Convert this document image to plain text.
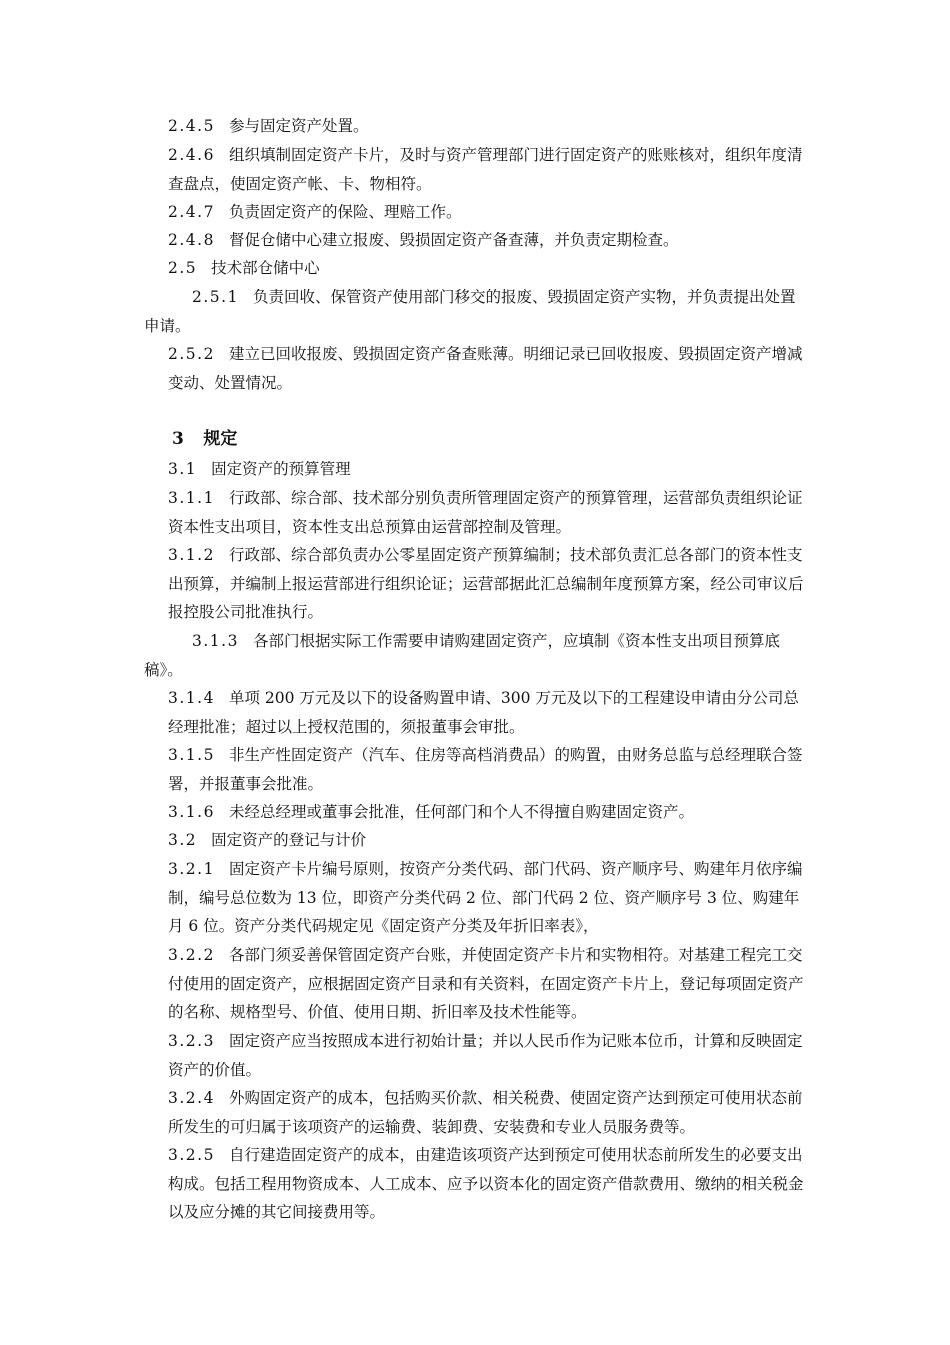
2.4.5 参与固定资产处置。
2.4.6 组织填制固定资产卡片，及时与资产管理部门进行固定资产的账账核对，组织年度清查盘点，使固定资产帐、卡、物相符。
2.4.7 负责固定资产的保险、理赔工作。
2.4.8 督促仓储中心建立报废、毁损固定资产备查薄，并负责定期检查。
2.5 技术部仓储中心
2.5.1 负责回收、保管资产使用部门移交的报废、毁损固定资产实物，并负责提出处置申请。
2.5.2 建立已回收报废、毁损固定资产备查账薄。明细记录已回收报废、毁损固定资产增减变动、处置情况。
3 规定
3.1 固定资产的预算管理
3.1.1 行政部、综合部、技术部分别负责所管理固定资产的预算管理，运营部负责组织论证资本性支出项目，资本性支出总预算由运营部控制及管理。
3.1.2 行政部、综合部负责办公零星固定资产预算编制；技术部负责汇总各部门的资本性支出预算，并编制上报运营部进行组织论证；运营部据此汇总编制年度预算方案，经公司审议后报控股公司批准执行。
3.1.3 各部门根据实际工作需要申请购建固定资产，应填制《资本性支出项目预算底稿》。
3.1.4 单项 200 万元及以下的设备购置申请、300 万元及以下的工程建设申请由分公司总经理批准；超过以上授权范围的，须报董事会审批。
3.1.5 非生产性固定资产（汽车、住房等高档消费品）的购置，由财务总监与总经理联合签署，并报董事会批准。
3.1.6 未经总经理或董事会批准，任何部门和个人不得擅自购建固定资产。
3.2 固定资产的登记与计价
3.2.1 固定资产卡片编号原则，按资产分类代码、部门代码、资产顺序号、购建年月依序编制，编号总位数为 13 位，即资产分类代码 2 位、部门代码 2 位、资产顺序号 3 位、购建年月 6 位。资产分类代码规定见《固定资产分类及年折旧率表》，
3.2.2 各部门须妥善保管固定资产台账，并使固定资产卡片和实物相符。对基建工程完工交付使用的固定资产，应根据固定资产目录和有关资料，在固定资产卡片上，登记每项固定资产的名称、规格型号、价值、使用日期、折旧率及技术性能等。
3.2.3 固定资产应当按照成本进行初始计量；并以人民币作为记账本位币，计算和反映固定资产的价值。
3.2.4 外购固定资产的成本，包括购买价款、相关税费、使固定资产达到预定可使用状态前所发生的可归属于该项资产的运输费、装卸费、安装费和专业人员服务费等。
3.2.5 自行建造固定资产的成本，由建造该项资产达到预定可使用状态前所发生的必要支出构成。包括工程用物资成本、人工成本、应予以资本化的固定资产借款费用、缴纳的相关税金以及应分摊的其它间接费用等。
